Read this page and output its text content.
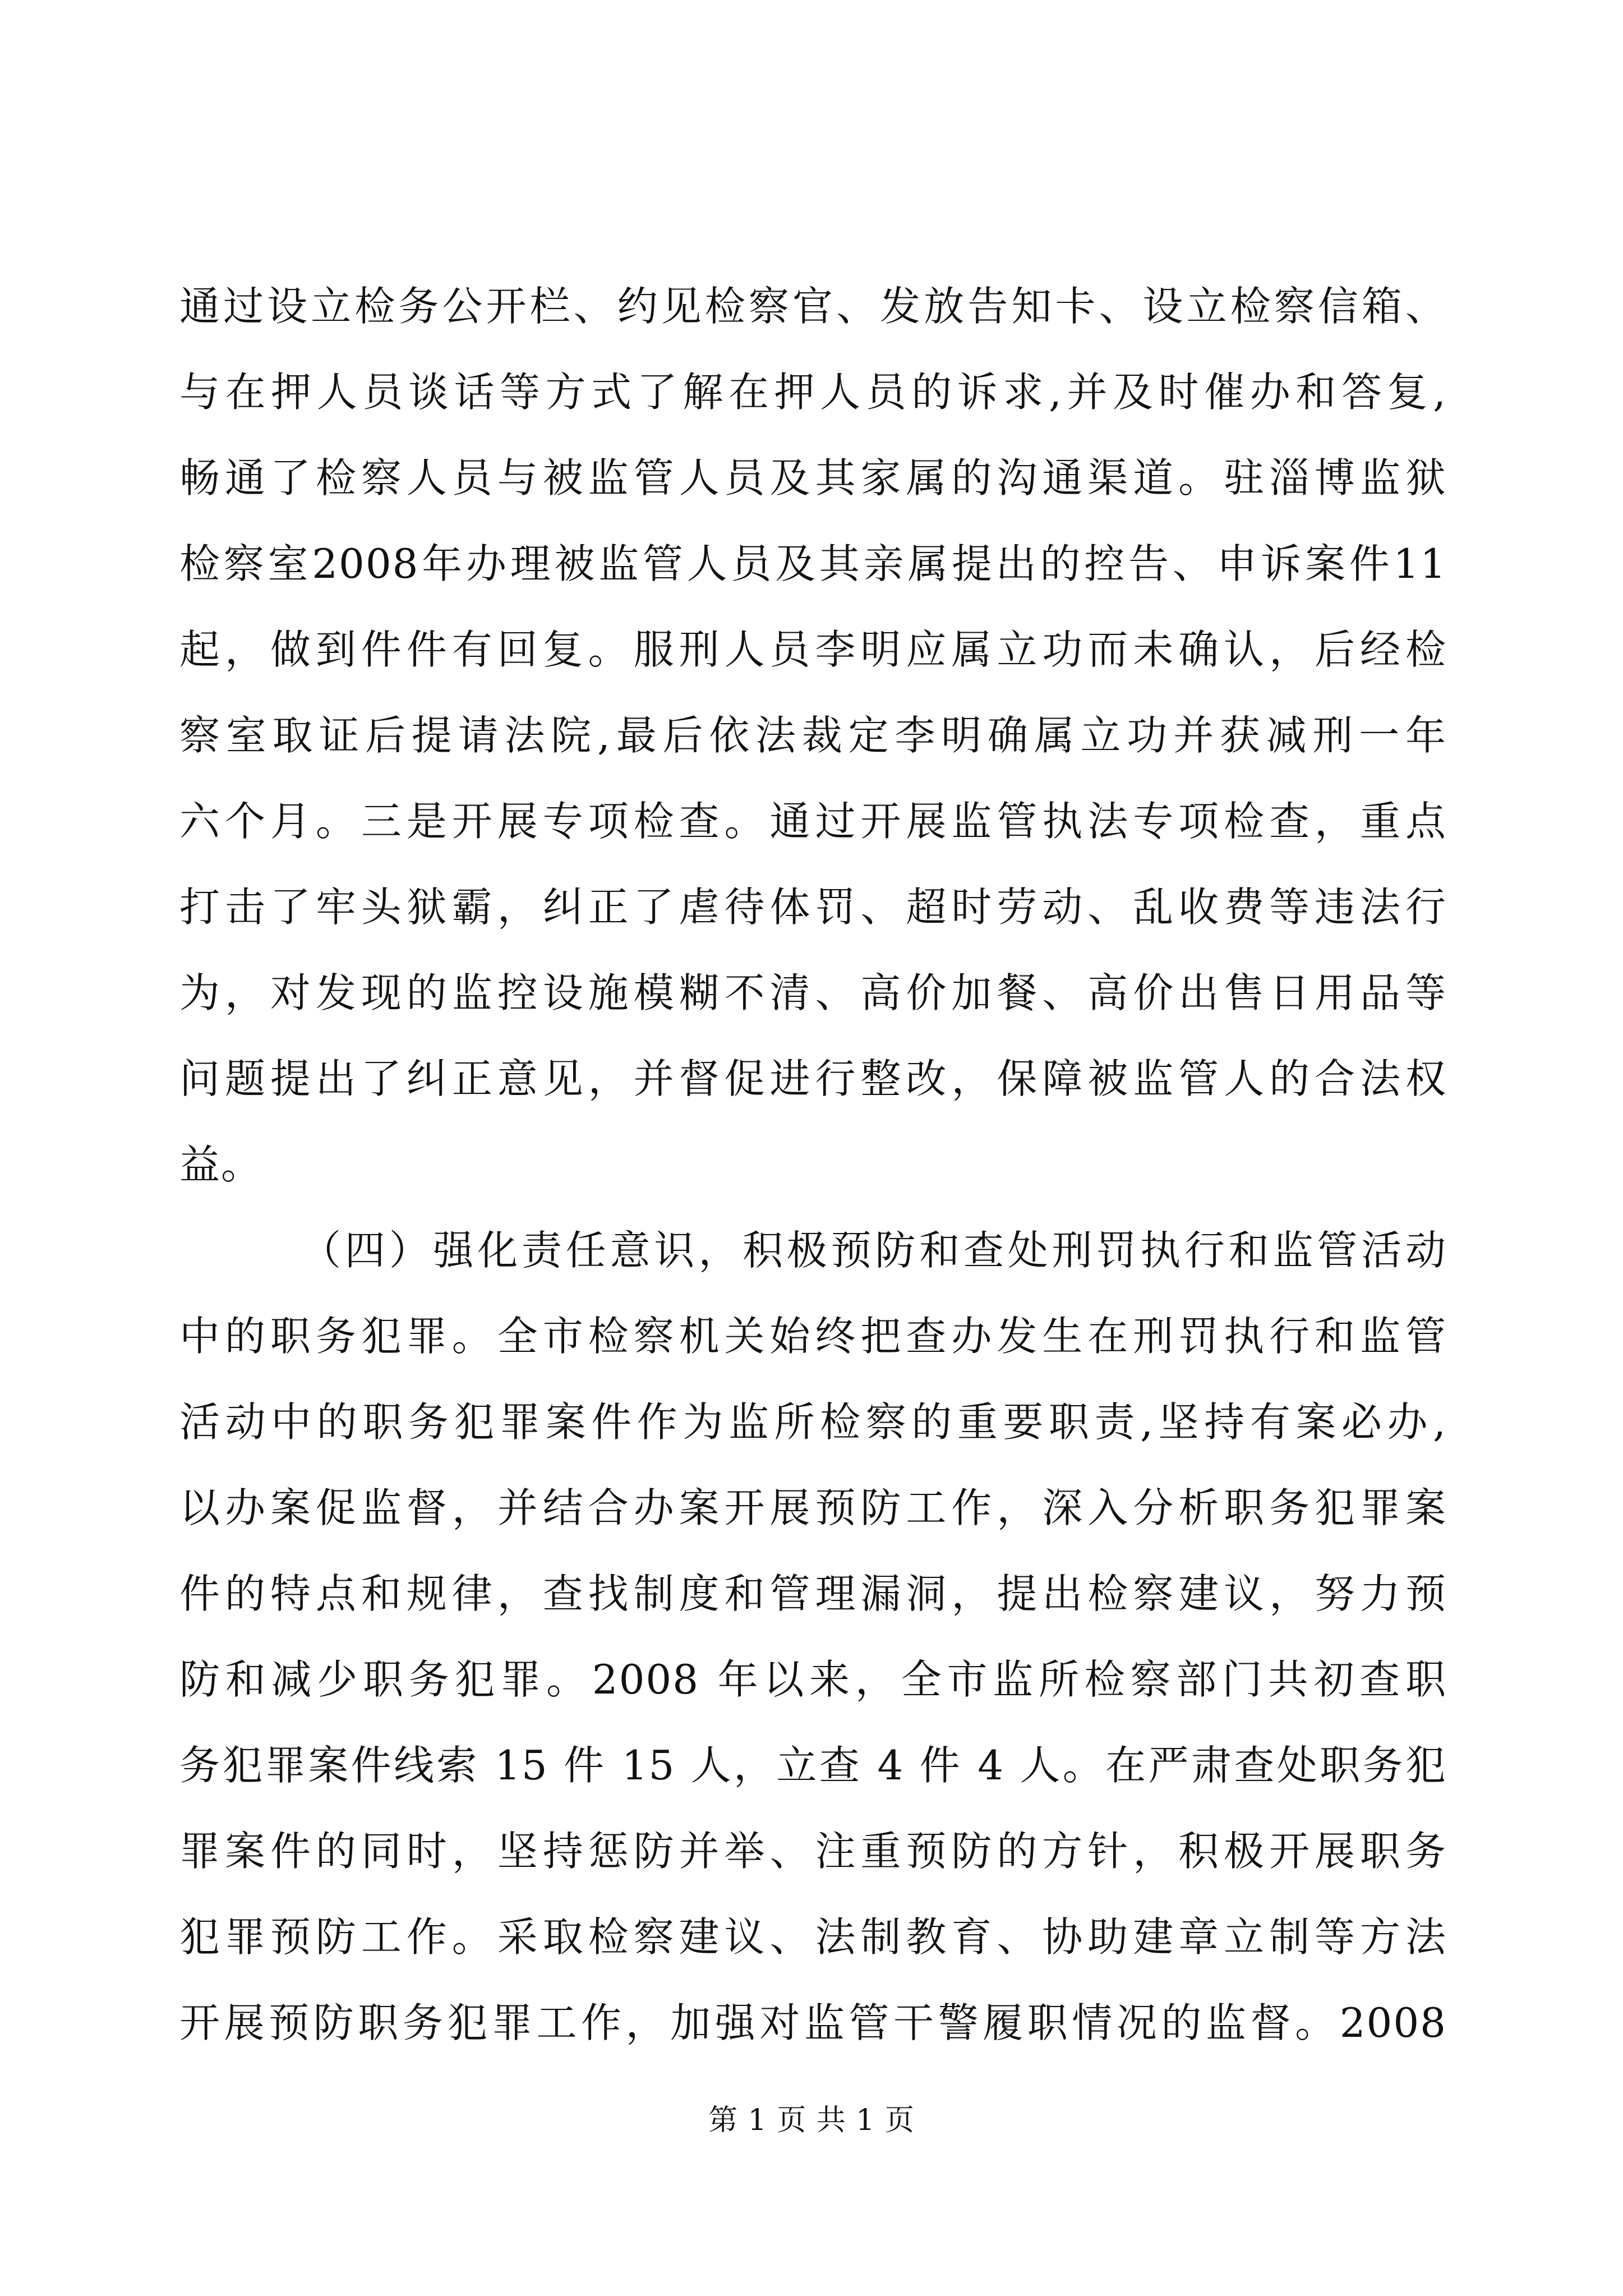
通过设立检务公开栏、约见检察官、发放告知卡、设立检察信箱、
与在押人员谈话等方式了解在押人员的诉求,并及时催办和答复,
畅通了检察人员与被监管人员及其家属的沟通渠道。驻淄博监狱
检察室2008年办理被监管人员及其亲属提出的控告、申诉案件11
起，做到件件有回复。服刑人员李明应属立功而未确认，后经检
察室取证后提请法院,最后依法裁定李明确属立功并获减刑一年
六个月。三是开展专项检查。通过开展监管执法专项检查，重点
打击了牢头狱霸，纠正了虐待体罚、超时劳动、乱收费等违法行
为，对发现的监控设施模糊不清、高价加餐、高价出售日用品等
问题提出了纠正意见，并督促进行整改，保障被监管人的合法权
益。
（四）强化责任意识，积极预防和查处刑罚执行和监管活动
中的职务犯罪。全市检察机关始终把查办发生在刑罚执行和监管
活动中的职务犯罪案件作为监所检察的重要职责,坚持有案必办,
以办案促监督，并结合办案开展预防工作，深入分析职务犯罪案
件的特点和规律，查找制度和管理漏洞，提出检察建议，努力预
防和减少职务犯罪。2008 年以来，全市监所检察部门共初查职
务犯罪案件线索 15 件 15 人，立查 4 件 4 人。在严肃查处职务犯
罪案件的同时，坚持惩防并举、注重预防的方针，积极开展职务
犯罪预防工作。采取检察建议、法制教育、协助建章立制等方法
开展预防职务犯罪工作，加强对监管干警履职情况的监督。2008
第 1 页 共 1 页
